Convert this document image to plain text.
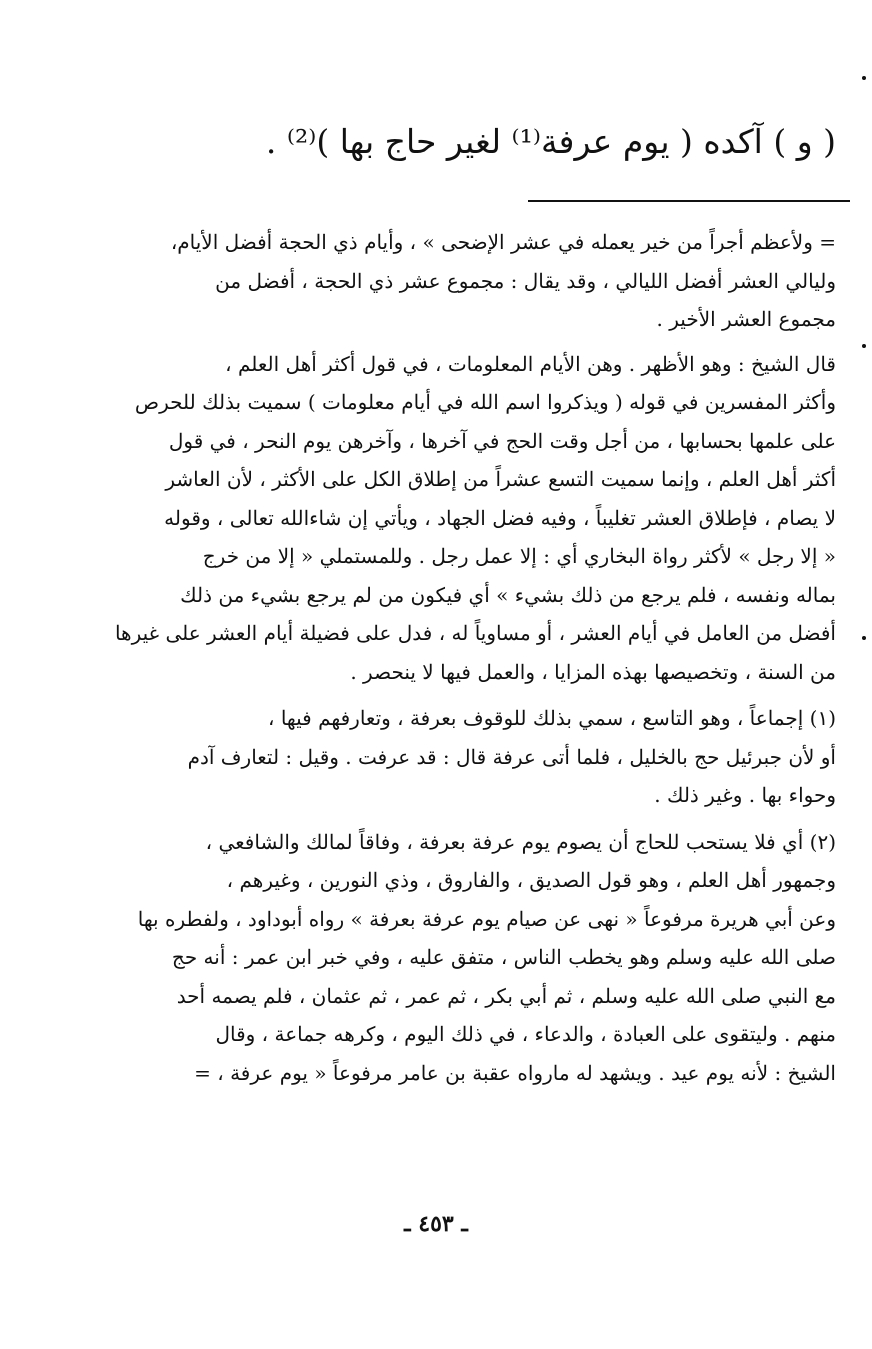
( و ) آكده ( يوم عرفة⁽¹⁾ لغير حاج بها )⁽²⁾ .
= ولأعظم أجراً من خير يعمله في عشر الإضحى » ، وأيام ذي الحجة أفضل الأيام،
وليالي العشر أفضل الليالي ، وقد يقال : مجموع عشر ذي الحجة ، أفضل من
مجموع العشر الأخير .
قال الشيخ : وهو الأظهر . وهن الأيام المعلومات ، في قول أكثر أهل العلم ،
وأكثر المفسرين في قوله ( ويذكروا اسم الله في أيام معلومات ) سميت بذلك للحرص
على علمها بحسابها ، من أجل وقت الحج في آخرها ، وآخرهن يوم النحر ، في قول
أكثر أهل العلم ، وإنما سميت التسع عشراً من إطلاق الكل على الأكثر ، لأن العاشر
لا يصام ، فإطلاق العشر تغليباً ، وفيه فضل الجهاد ، ويأتي إن شاءالله تعالى ، وقوله
« إلا رجل » لأكثر رواة البخاري أي : إلا عمل رجل . وللمستملي « إلا من خرج
بماله ونفسه ، فلم يرجع من ذلك بشيء » أي فيكون من لم يرجع بشيء من ذلك
أفضل من العامل في أيام العشر ، أو مساوياً له ، فدل على فضيلة أيام العشر على غيرها
من السنة ، وتخصيصها بهذه المزايا ، والعمل فيها لا ينحصر .
(١) إجماعاً ، وهو التاسع ، سمي بذلك للوقوف بعرفة ، وتعارفهم فيها ،
أو لأن جبرئيل حج بالخليل ، فلما أتى عرفة قال : قد عرفت . وقيل : لتعارف آدم
وحواء بها . وغير ذلك .
(٢) أي فلا يستحب للحاج أن يصوم يوم عرفة بعرفة ، وفاقاً لمالك والشافعي ،
وجمهور أهل العلم ، وهو قول الصديق ، والفاروق ، وذي النورين ، وغيرهم ،
وعن أبي هريرة مرفوعاً « نهى عن صيام يوم عرفة بعرفة » رواه أبوداود ، ولفطره بها
صلى الله عليه وسلم وهو يخطب الناس ، متفق عليه ، وفي خبر ابن عمر : أنه حج
مع النبي صلى الله عليه وسلم ، ثم أبي بكر ، ثم عمر ، ثم عثمان ، فلم يصمه أحد
منهم . وليتقوى على العبادة ، والدعاء ، في ذلك اليوم ، وكرهه جماعة ، وقال
الشيخ : لأنه يوم عيد . ويشهد له مارواه عقبة بن عامر مرفوعاً « يوم عرفة ، =
ـ ٤٥٣ ـ
